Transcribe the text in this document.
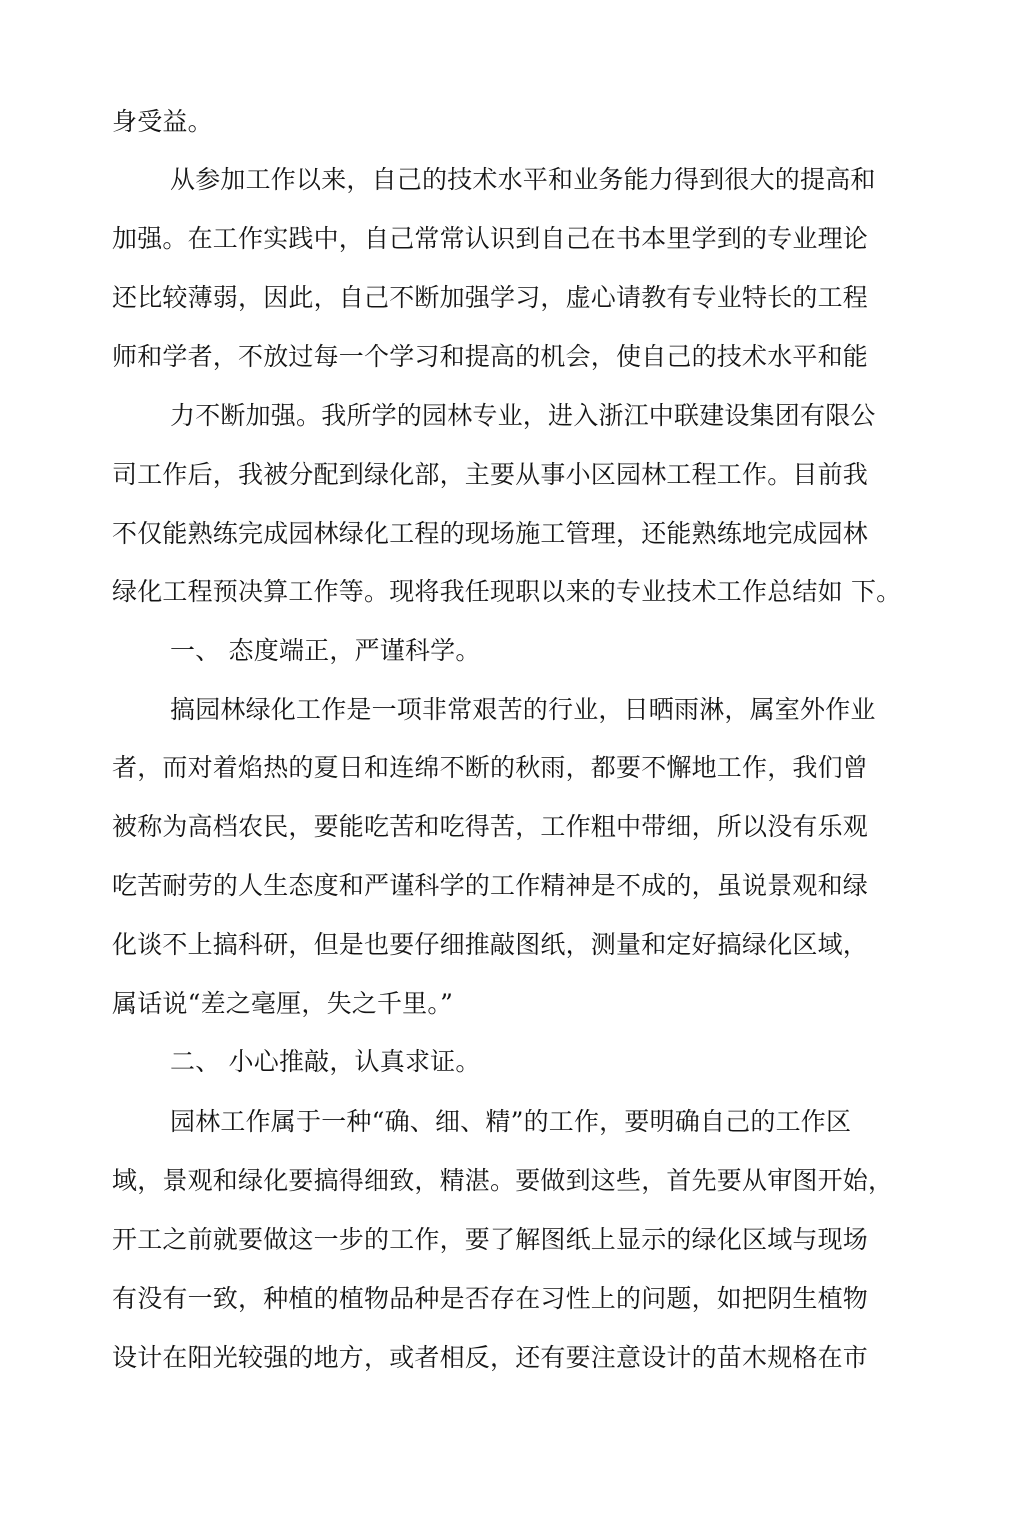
身受益。
从参加工作以来，自己的技术水平和业务能力得到很大的提高和
加强。在工作实践中，自己常常认识到自己在书本里学到的专业理论
还比较薄弱，因此，自己不断加强学习，虚心请教有专业特长的工程
师和学者，不放过每一个学习和提高的机会，使自己的技术水平和能
力不断加强。我所学的园林专业，进入浙江中联建设集团有限公
司工作后，我被分配到绿化部，主要从事小区园林工程工作。目前我
不仅能熟练完成园林绿化工程的现场施工管理，还能熟练地完成园林
绿化工程预决算工作等。现将我任现职以来的专业技术工作总结如 下。
一、 态度端正，严谨科学。
搞园林绿化工作是一项非常艰苦的行业，日晒雨淋，属室外作业
者，而对着焰热的夏日和连绵不断的秋雨，都要不懈地工作，我们曾
被称为高档农民，要能吃苦和吃得苦，工作粗中带细，所以没有乐观
吃苦耐劳的人生态度和严谨科学的工作精神是不成的，虽说景观和绿
化谈不上搞科研，但是也要仔细推敲图纸，测量和定好搞绿化区域，
属话说“差之毫厘，失之千里。”
二、 小心推敲，认真求证。
园林工作属于一种“确、细、精”的工作，要明确自己的工作区
域，景观和绿化要搞得细致，精湛。要做到这些，首先要从审图开始，
开工之前就要做这一步的工作，要了解图纸上显示的绿化区域与现场
有没有一致，种植的植物品种是否存在习性上的问题，如把阴生植物
设计在阳光较强的地方，或者相反，还有要注意设计的苗木规格在市
